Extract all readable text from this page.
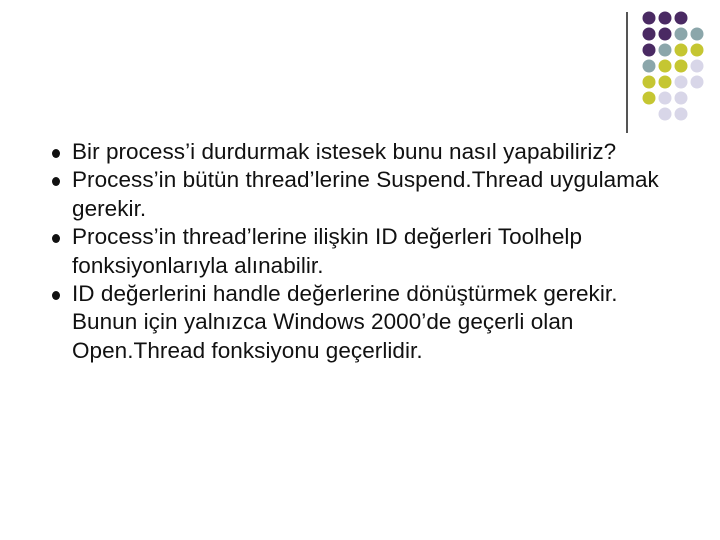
Bir process’i durdurmak istesek bunu nasıl yapabiliriz?
Process’in bütün thread’lerine Suspend.Thread uygulamak gerekir.
Process’in thread’lerine ilişkin ID değerleri Toolhelp fonksiyonlarıyla alınabilir.
ID değerlerini handle değerlerine dönüştürmek gerekir. Bunun için yalnızca Windows 2000’de geçerli olan Open.Thread fonksiyonu geçerlidir.
